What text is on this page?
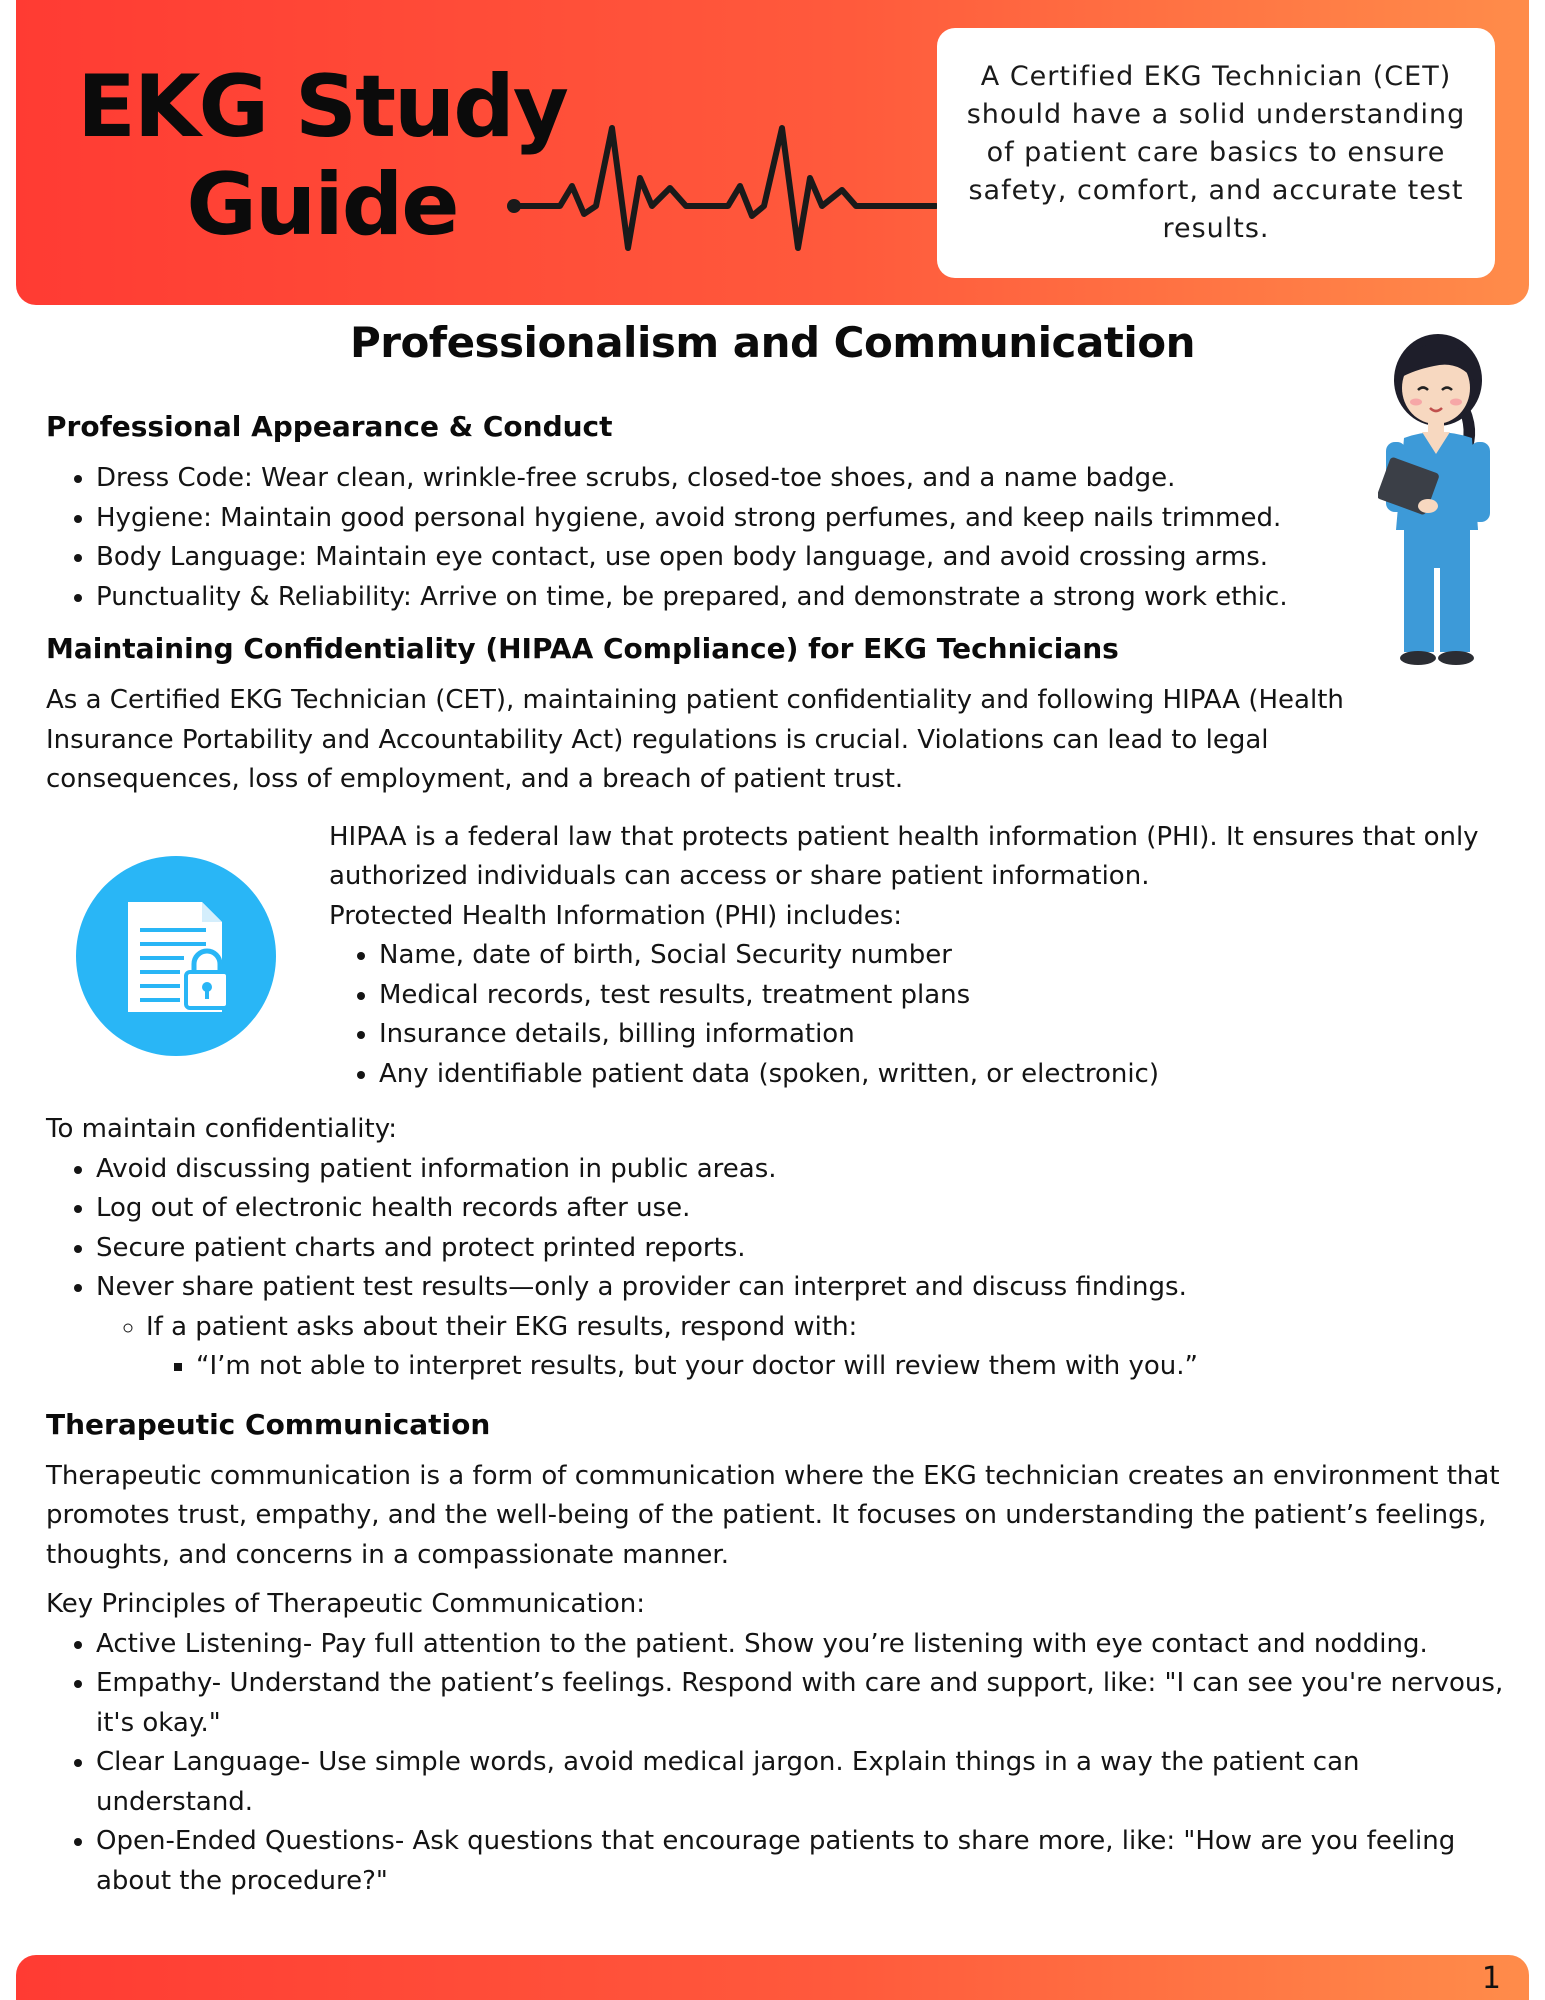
EKG Study
Guide
A Certified EKG Technician (CET) should have a solid understanding of patient care basics to ensure safety, comfort, and accurate test results.
Professionalism and Communication
Professional Appearance & Conduct
• Dress Code: Wear clean, wrinkle-free scrubs, closed-toe shoes, and a name badge.
• Hygiene: Maintain good personal hygiene, avoid strong perfumes, and keep nails trimmed.
• Body Language: Maintain eye contact, use open body language, and avoid crossing arms.
• Punctuality & Reliability: Arrive on time, be prepared, and demonstrate a strong work ethic.
Maintaining Confidentiality (HIPAA Compliance) for EKG Technicians

As a Certified EKG Technician (CET), maintaining patient confidentiality and following HIPAA (Health Insurance Portability and Accountability Act) regulations is crucial. Violations can lead to legal consequences, loss of employment, and a breach of patient trust.

HIPAA is a federal law that protects patient health information (PHI). It ensures that only authorized individuals can access or share patient information.

Protected Health Information (PHI) includes:

• Name, date of birth, Social Security number
• Medical records, test results, treatment plans
• Insurance details, billing information
• Any identifiable patient data (spoken, written, or electronic)

To maintain confidentiality:

• Avoid discussing patient information in public areas.
• Log out of electronic health records after use.
• Secure patient charts and protect printed reports.
• Never share patient test results—only a provider can interpret and discuss findings.
◦ If a patient asks about their EKG results, respond with:
▪ “I’m not able to interpret results, but your doctor will review them with you.”
Therapeutic Communication

Therapeutic communication is a form of communication where the EKG technician creates an environment that promotes trust, empathy, and the well-being of the patient. It focuses on understanding the patient’s feelings, thoughts, and concerns in a compassionate manner.

Key Principles of Therapeutic Communication:

• Active Listening- Pay full attention to the patient. Show you’re listening with eye contact and nodding.
• Empathy- Understand the patient’s feelings. Respond with care and support, like: "I can see you're nervous, it's okay."
• Clear Language- Use simple words, avoid medical jargon. Explain things in a way the patient can understand.
• Open-Ended Questions- Ask questions that encourage patients to share more, like: "How are you feeling about the procedure?"
1
